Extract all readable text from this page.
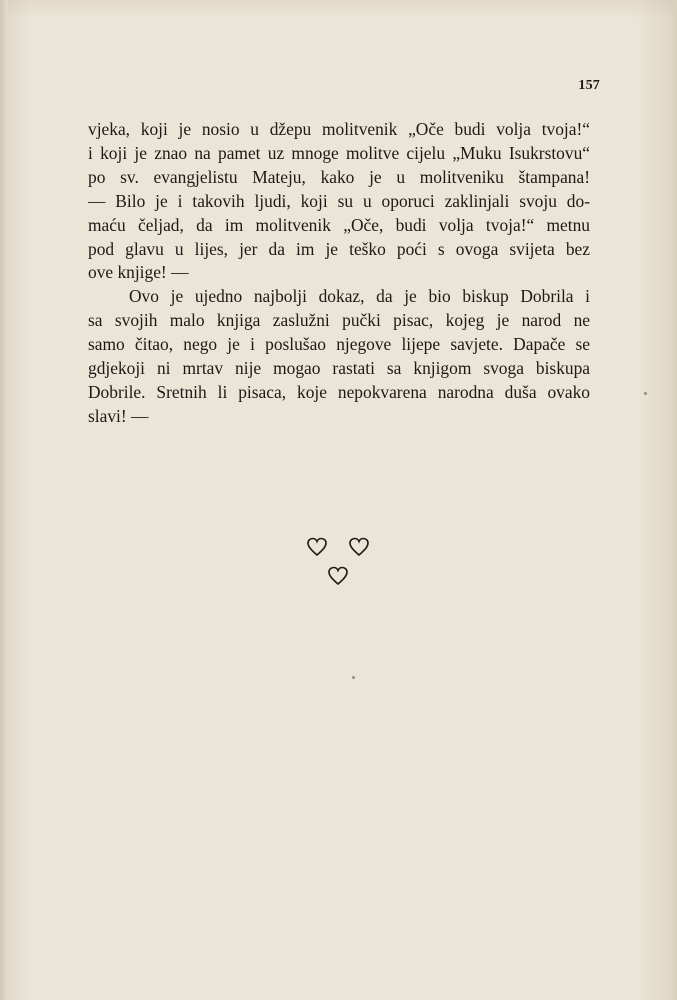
157
vjeka, koji je nosio u džepu molitvenik „Oče budi volja tvoja!“
i koji je znao na pamet uz mnoge molitve cijelu „Muku Isukrstovu“
po sv. evangjelistu Mateju, kako je u molitveniku štampana!
— Bilo je i takovih ljudi, koji su u oporuci zaklinjali svoju do-
maću čeljad, da im molitvenik „Oče, budi volja tvoja!“ metnu
pod glavu u lijes, jer da im je teško poći s ovoga svijeta bez
ove knjige! —
Ovo je ujedno najbolji dokaz, da je bio biskup Dobrila i
sa svojih malo knjiga zaslužni pučki pisac, kojeg je narod ne
samo čitao, nego je i poslušao njegove lijepe savjete. Dapače se
gdjekoji ni mrtav nije mogao rastati sa knjigom svoga biskupa
Dobrile. Sretnih li pisaca, koje nepokvarena narodna duša ovako
slavi! —
